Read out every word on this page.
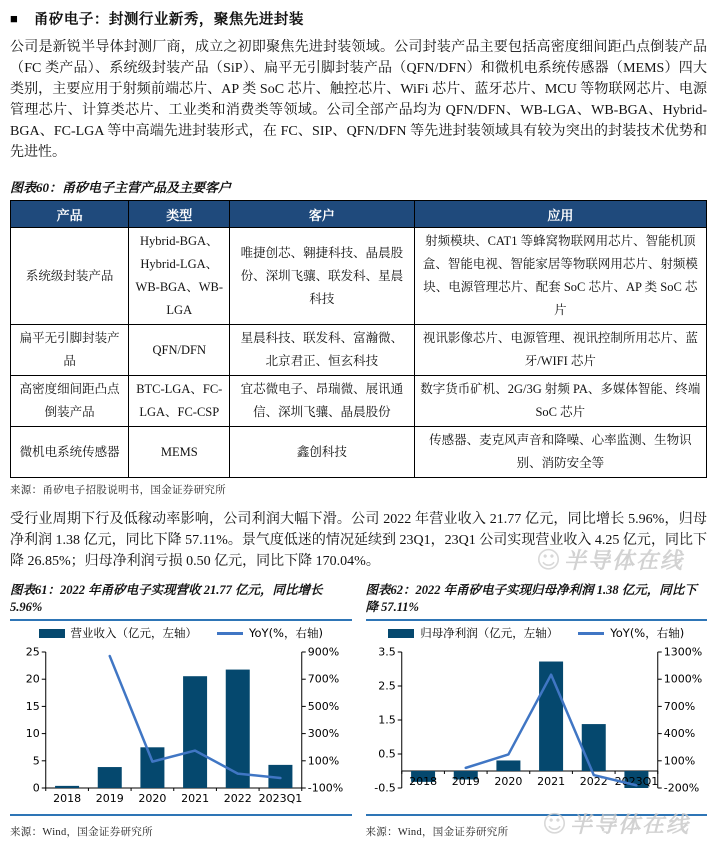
■ 甬矽电子：封测行业新秀，聚焦先进封装

公司是新锐半导体封测厂商，成立之初即聚焦先进封装领域。公司封装产品主要包括高密度细间距凸点倒装产品（FC 类产品）、系统级封装产品（SiP）、扁平无引脚封装产品（QFN/DFN）和微机电系统传感器（MEMS）四大类别，主要应用于射频前端芯片、AP 类 SoC 芯片、触控芯片、WiFi 芯片、蓝牙芯片、MCU 等物联网芯片、电源管理芯片、计算类芯片、工业类和消费类等领域。公司全部产品均为 QFN/DFN、WB-LGA、WB-BGA、Hybrid-BGA、FC-LGA 等中高端先进封装形式，在 FC、SIP、QFN/DFN 等先进封装领域具有较为突出的封装技术优势和先进性。

图表60：甬矽电子主营产品及主要客户
产品	类型	客户	应用
系统级封装产品	Hybrid-BGA、Hybrid-LGA、WB-BGA、WB-LGA	唯捷创芯、翱捷科技、晶晨股份、深圳飞骧、联发科、星晨科技	射频模块、CAT1 等蜂窝物联网用芯片、智能机顶盒、智能电视、智能家居等物联网用芯片、射频模块、电源管理芯片、配套 SoC 芯片、AP 类 SoC 芯片
扁平无引脚封装产品	QFN/DFN	星晨科技、联发科、富瀚微、北京君正、恒玄科技	视讯影像芯片、电源管理、视讯控制所用芯片、蓝牙/WIFI 芯片
高密度细间距凸点倒装产品	BTC-LGA、FC-LGA、FC-CSP	宜芯微电子、昂瑞微、展讯通信、深圳飞骧、晶晨股份	数字货币矿机、2G/3G 射频 PA、多媒体智能、终端 SoC 芯片
微机电系统传感器	MEMS	鑫创科技	传感器、麦克风声音和降噪、心率监测、生物识别、消防安全等
来源：甬矽电子招股说明书，国金证券研究所

受行业周期下行及低稼动率影响，公司利润大幅下滑。公司 2022 年营业收入 21.77 亿元，同比增长 5.96%，归母净利润 1.38 亿元，同比下降 57.11%。景气度低迷的情况延续到 23Q1，23Q1 公司实现营业收入 4.25 亿元，同比下降 26.85%；归母净利润亏损 0.50 亿元，同比下降 170.04%。

图表61：2022 年甬矽电子实现营收 21.77 亿元，同比增长 5.96%
营业收入（亿元，左轴）	YoY(%，右轴)
25
20
15
10
5
0
900%
700%
500%
300%
100%
-100%
2018 2019 2020 2021 2022 2023Q1
来源：Wind，国金证券研究所
图表62：2022 年甬矽电子实现归母净利润 1.38 亿元，同比下降 57.11%
归母净利润（亿元，左轴）	YoY(%，右轴)
3.5
2.5
1.5
0.5
-0.5
1300%
1000%
700%
400%
100%
-200%
2018 2019 2020 2021 2022 2023Q1
来源：Wind，国金证券研究所
☺ 半导体在线
☺ 半导体在线
